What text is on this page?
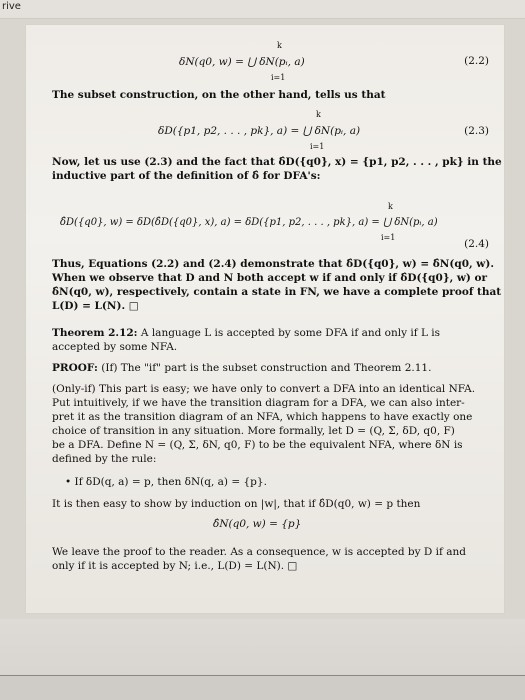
rive
δN(q0, w) = ⋃ δN(pᵢ, a)
k
i=1
(2.2)
The subset construction, on the other hand, tells us that
δD({p1, p2, . . . , pk}, a) = ⋃ δN(pᵢ, a)
k
i=1
(2.3)
Now, let us use (2.3) and the fact that δ̂D({q0}, x) = {p1, p2, . . . , pk} in the
inductive part of the definition of δ̂ for DFA's:
δ̂D({q0}, w) = δD(δ̂D({q0}, x), a) = δD({p1, p2, . . . , pk}, a) = ⋃ δN(pᵢ, a)
k
i=1
(2.4)
Thus, Equations (2.2) and (2.4) demonstrate that δ̂D({q0}, w) = δ̂N(q0, w).
When we observe that D and N both accept w if and only if δ̂D({q0}, w) or
δ̂N(q0, w), respectively, contain a state in FN, we have a complete proof that
L(D) = L(N). □
Theorem 2.12: A language L is accepted by some DFA if and only if L is
accepted by some NFA.
PROOF: (If) The "if" part is the subset construction and Theorem 2.11.
(Only-if) This part is easy; we have only to convert a DFA into an identical NFA.
Put intuitively, if we have the transition diagram for a DFA, we can also inter-
pret it as the transition diagram of an NFA, which happens to have exactly one
choice of transition in any situation. More formally, let D = (Q, Σ, δD, q0, F)
be a DFA. Define N = (Q, Σ, δN, q0, F) to be the equivalent NFA, where δN is
defined by the rule:
• If δD(q, a) = p, then δN(q, a) = {p}.
It is then easy to show by induction on |w|, that if δ̂D(q0, w) = p then
δ̂N(q0, w) = {p}
We leave the proof to the reader. As a consequence, w is accepted by D if and
only if it is accepted by N; i.e., L(D) = L(N). □
